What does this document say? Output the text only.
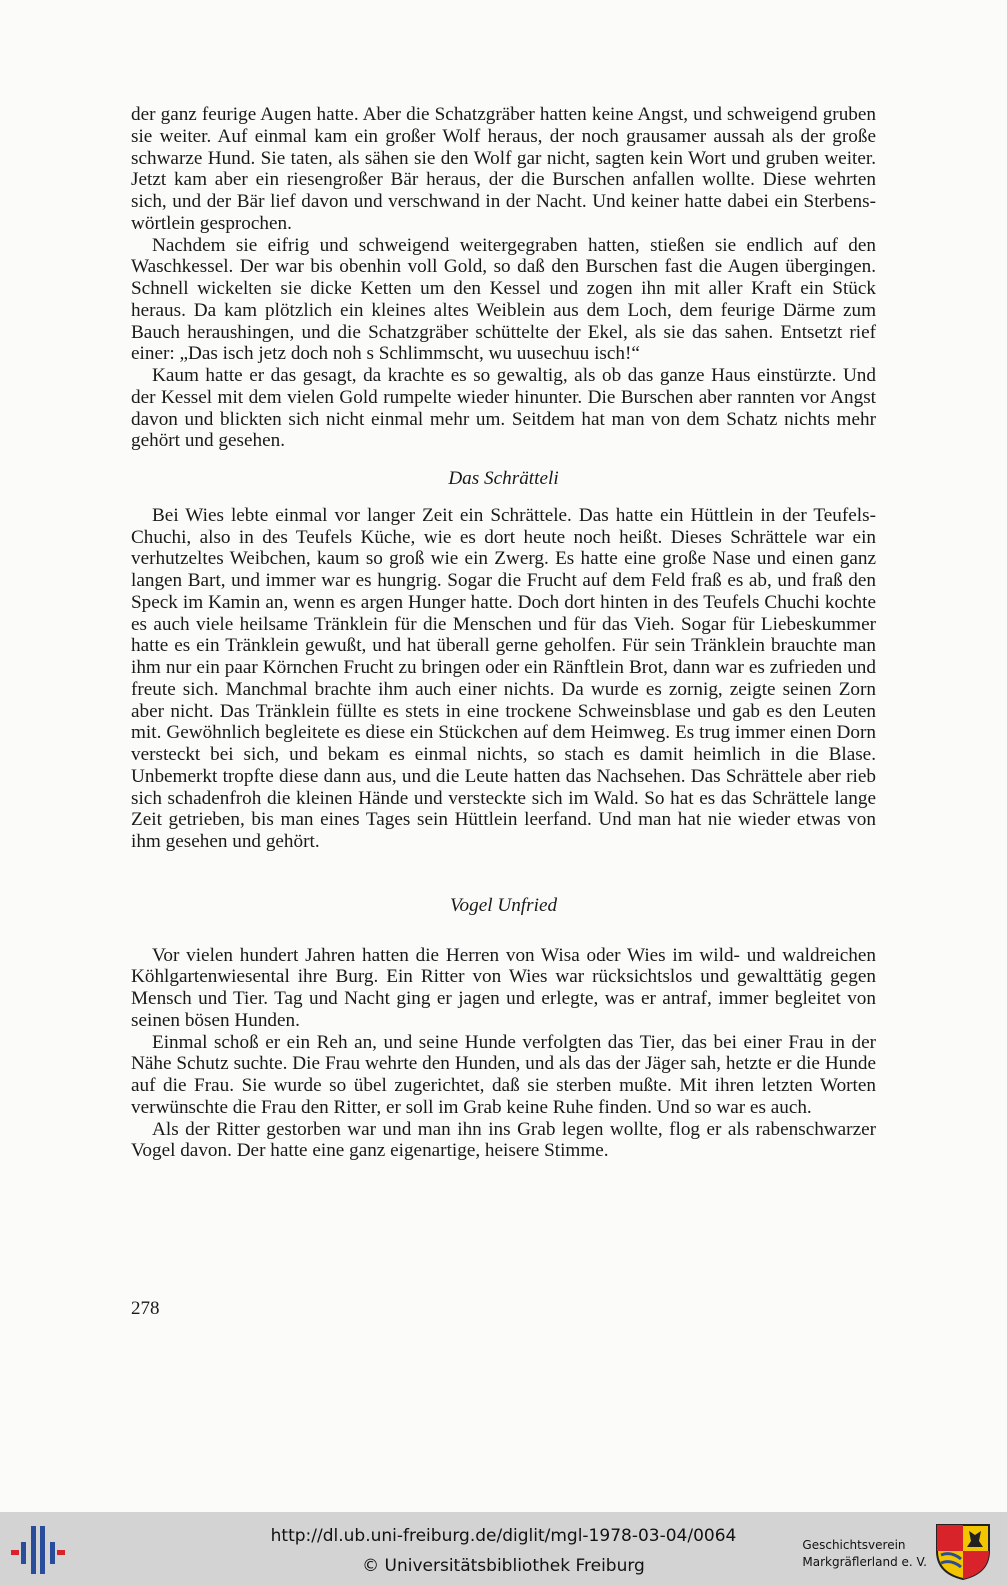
der ganz feurige Augen hatte. Aber die Schatzgräber hatten keine Angst, und schweigend gruben sie weiter. Auf einmal kam ein großer Wolf heraus, der noch grausamer aussah als der große schwarze Hund. Sie taten, als sähen sie den Wolf gar nicht, sagten kein Wort und gruben weiter. Jetzt kam aber ein riesengroßer Bär heraus, der die Burschen anfallen wollte. Diese wehrten sich, und der Bär lief davon und verschwand in der Nacht. Und keiner hatte dabei ein Sterbenswörtlein gesprochen.

Nachdem sie eifrig und schweigend weitergegraben hatten, stießen sie endlich auf den Waschkessel. Der war bis obenhin voll Gold, so daß den Burschen fast die Augen übergingen. Schnell wickelten sie dicke Ketten um den Kessel und zogen ihn mit aller Kraft ein Stück heraus. Da kam plötzlich ein kleines altes Weiblein aus dem Loch, dem feurige Därme zum Bauch heraushingen, und die Schatzgräber schüttelte der Ekel, als sie das sahen. Entsetzt rief einer: „Das isch jetz doch noh s Schlimmscht, wu uusechuu isch!“

Kaum hatte er das gesagt, da krachte es so gewaltig, als ob das ganze Haus einstürzte. Und der Kessel mit dem vielen Gold rumpelte wieder hinunter. Die Burschen aber rannten vor Angst davon und blickten sich nicht einmal mehr um. Seitdem hat man von dem Schatz nichts mehr gehört und gesehen.

Das Schrätteli

Bei Wies lebte einmal vor langer Zeit ein Schrättele. Das hatte ein Hüttlein in der Teufels-Chuchi, also in des Teufels Küche, wie es dort heute noch heißt. Dieses Schrättele war ein verhutzeltes Weibchen, kaum so groß wie ein Zwerg. Es hatte eine große Nase und einen ganz langen Bart, und immer war es hungrig. Sogar die Frucht auf dem Feld fraß es ab, und fraß den Speck im Kamin an, wenn es argen Hunger hatte. Doch dort hinten in des Teufels Chuchi kochte es auch viele heilsame Tränklein für die Menschen und für das Vieh. Sogar für Liebeskummer hatte es ein Tränklein gewußt, und hat überall gerne geholfen. Für sein Tränklein brauchte man ihm nur ein paar Körnchen Frucht zu bringen oder ein Ränftlein Brot, dann war es zufrieden und freute sich. Manchmal brachte ihm auch einer nichts. Da wurde es zornig, zeigte seinen Zorn aber nicht. Das Tränklein füllte es stets in eine trockene Schweinsblase und gab es den Leuten mit. Gewöhnlich begleitete es diese ein Stückchen auf dem Heimweg. Es trug immer einen Dorn versteckt bei sich, und bekam es einmal nichts, so stach es damit heimlich in die Blase. Unbemerkt tropfte diese dann aus, und die Leute hatten das Nachsehen. Das Schrättele aber rieb sich schadenfroh die kleinen Hände und versteckte sich im Wald. So hat es das Schrättele lange Zeit getrieben, bis man eines Tages sein Hüttlein leerfand. Und man hat nie wieder etwas von ihm gesehen und gehört.

Vogel Unfried

Vor vielen hundert Jahren hatten die Herren von Wisa oder Wies im wild- und waldreichen Köhlgartenwiesental ihre Burg. Ein Ritter von Wies war rücksichtslos und gewalttätig gegen Mensch und Tier. Tag und Nacht ging er jagen und erlegte, was er antraf, immer begleitet von seinen bösen Hunden.

Einmal schoß er ein Reh an, und seine Hunde verfolgten das Tier, das bei einer Frau in der Nähe Schutz suchte. Die Frau wehrte den Hunden, und als das der Jäger sah, hetzte er die Hunde auf die Frau. Sie wurde so übel zugerichtet, daß sie sterben mußte. Mit ihren letzten Worten verwünschte die Frau den Ritter, er soll im Grab keine Ruhe finden. Und so war es auch.

Als der Ritter gestorben war und man ihn ins Grab legen wollte, flog er als rabenschwarzer Vogel davon. Der hatte eine ganz eigenartige, heisere Stimme.

278
http://dl.ub.uni-freiburg.de/diglit/mgl-1978-03-04/0064
© Universitätsbibliothek Freiburg
Geschichtsverein
Markgräflerland e. V.
